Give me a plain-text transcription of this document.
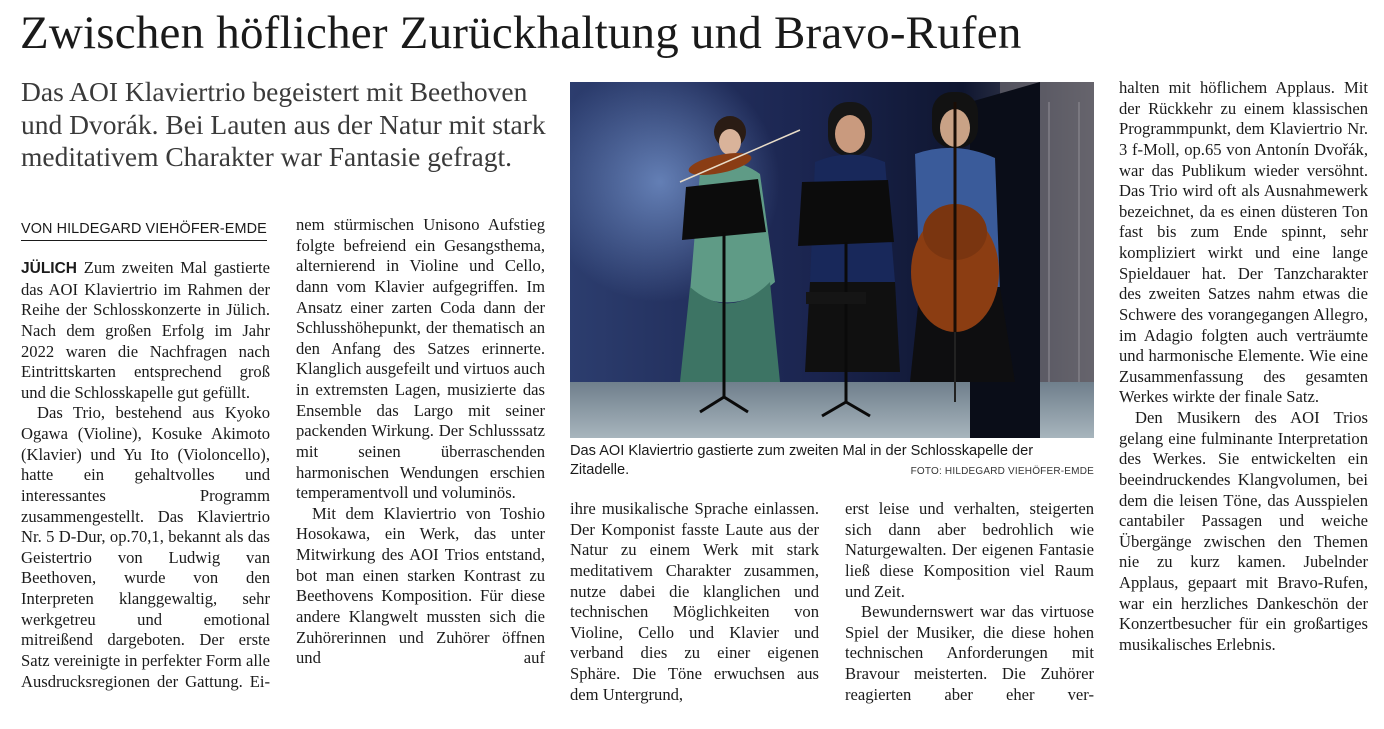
Zwischen höflicher Zurückhaltung und Bravo-Rufen

Das AOI Klaviertrio begeistert mit Beethoven und Dvorák. Bei Lauten aus der Natur mit stark meditativem Charakter war Fantasie gefragt.

VON HILDEGARD VIEHÖFER-EMDE

JÜLICH Zum zweiten Mal gastierte das AOI Klaviertrio im Rahmen der Reihe der Schlosskonzerte in Jülich. Nach dem großen Erfolg im Jahr 2022 waren die Nachfragen nach Eintrittskarten entsprechend groß und die Schlosskapelle gut gefüllt.

Das Trio, bestehend aus Kyoko Ogawa (Violine), Kosuke Akimoto (Klavier) und Yu Ito (Violoncello), hatte ein gehaltvolles und interessantes Programm zusammengestellt. Das Klaviertrio Nr. 5 D-Dur, op.70,1, bekannt als das Geistertrio von Ludwig van Beethoven, wurde von den Interpreten klanggewaltig, sehr werkgetreu und emotional mitreißend dargeboten. Der erste Satz vereinigte in perfekter Form alle Ausdrucksregionen der Gattung. Ei-

nem stürmischen Unisono Aufstieg folgte befreiend ein Gesangsthema, alternierend in Violine und Cello, dann vom Klavier aufgegriffen. Im Ansatz einer zarten Coda dann der Schlusshöhepunkt, der thematisch an den Anfang des Satzes erinnerte. Klanglich ausgefeilt und virtuos auch in extremsten Lagen, musizierte das Ensemble das Largo mit seiner packenden Wirkung. Der Schlusssatz mit seinen überraschenden harmonischen Wendungen erschien temperamentvoll und voluminös.

Mit dem Klaviertrio von Toshio Hosokawa, ein Werk, das unter Mitwirkung des AOI Trios entstand, bot man einen starken Kontrast zu Beethovens Komposition. Für diese andere Klangwelt mussten sich die Zuhörerinnen und Zuhörer öffnen und auf

Das AOI Klaviertrio gastierte zum zweiten Mal in der Schlosskapelle der Zitadelle.	FOTO: HILDEGARD VIEHÖFER-EMDE

ihre musikalische Sprache einlassen. Der Komponist fasste Laute aus der Natur zu einem Werk mit stark meditativem Charakter zusammen, nutze dabei die klanglichen und technischen Möglichkeiten von Violine, Cello und Klavier und verband dies zu einer eigenen Sphäre. Die Töne erwuchsen aus dem Untergrund,

erst leise und verhalten, steigerten sich dann aber bedrohlich wie Naturgewalten. Der eigenen Fantasie ließ diese Komposition viel Raum und Zeit.

Bewundernswert war das virtuose Spiel der Musiker, die diese hohen technischen Anforderungen mit Bravour meisterten. Die Zuhörer reagierten aber eher ver-

halten mit höflichem Applaus. Mit der Rückkehr zu einem klassischen Programmpunkt, dem Klaviertrio Nr. 3 f-Moll, op.65 von Antonín Dvořák, war das Publikum wieder versöhnt. Das Trio wird oft als Ausnahmewerk bezeichnet, da es einen düsteren Ton fast bis zum Ende spinnt, sehr kompliziert wirkt und eine lange Spieldauer hat. Der Tanzcharakter des zweiten Satzes nahm etwas die Schwere des vorangegangen Allegro, im Adagio folgten auch verträumte und harmonische Elemente. Wie eine Zusammenfassung des gesamten Werkes wirkte der finale Satz.

Den Musikern des AOI Trios gelang eine fulminante Interpretation des Werkes. Sie entwickelten ein beeindruckendes Klangvolumen, bei dem die leisen Töne, das Ausspielen cantabiler Passagen und weiche Übergänge zwischen den Themen nie zu kurz kamen. Jubelnder Applaus, gepaart mit Bravo-Rufen, war ein herzliches Dankeschön der Konzertbesucher für ein großartiges musikalisches Erlebnis.
